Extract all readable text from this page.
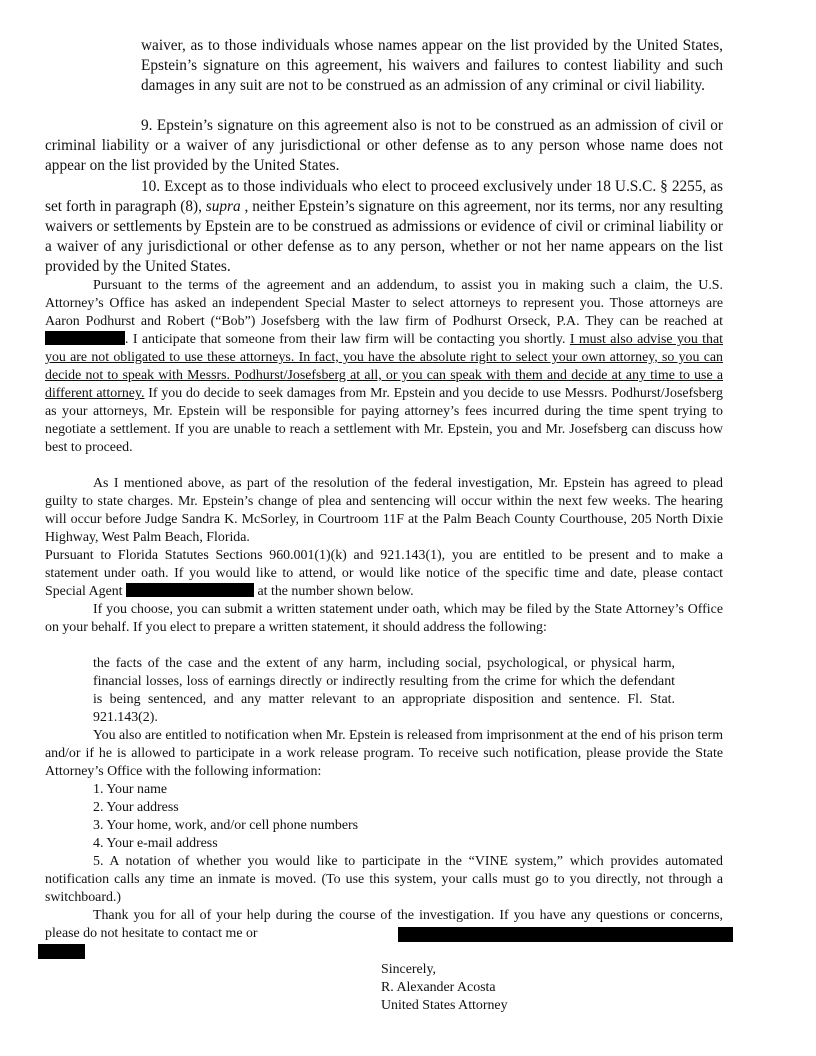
waiver, as to those individuals whose names appear on the list provided by the United States, Epstein’s signature on this agreement, his waivers and failures to contest liability and such damages in any suit are not to be construed as an admission of any criminal or civil liability.

9. Epstein’s signature on this agreement also is not to be construed as an admission of civil or criminal liability or a waiver of any jurisdictional or other defense as to any person whose name does not appear on the list provided by the United States.

10. Except as to those individuals who elect to proceed exclusively under 18 U.S.C. § 2255, as set forth in paragraph (8), supra , neither Epstein’s signature on this agreement, nor its terms, nor any resulting waivers or settlements by Epstein are to be construed as admissions or evidence of civil or criminal liability or a waiver of any jurisdictional or other defense as to any person, whether or not her name appears on the list provided by the United States.

Pursuant to the terms of the agreement and an addendum, to assist you in making such a claim, the U.S. Attorney’s Office has asked an independent Special Master to select attorneys to represent you. Those attorneys are Aaron Podhurst and Robert (“Bob”) Josefsberg with the law firm of Podhurst Orseck, P.A. They can be reached at . I anticipate that someone from their law firm will be contacting you shortly. I must also advise you that you are not obligated to use these attorneys. In fact, you have the absolute right to select your own attorney, so you can decide not to speak with Messrs. Podhurst/Josefsberg at all, or you can speak with them and decide at any time to use a different attorney. If you do decide to seek damages from Mr. Epstein and you decide to use Messrs. Podhurst/Josefsberg as your attorneys, Mr. Epstein will be responsible for paying attorney’s fees incurred during the time spent trying to negotiate a settlement. If you are unable to reach a settlement with Mr. Epstein, you and Mr. Josefsberg can discuss how best to proceed.

As I mentioned above, as part of the resolution of the federal investigation, Mr. Epstein has agreed to plead guilty to state charges. Mr. Epstein’s change of plea and sentencing will occur within the next few weeks. The hearing will occur before Judge Sandra K. McSorley, in Courtroom 11F at the Palm Beach County Courthouse, 205 North Dixie Highway, West Palm Beach, Florida.

Pursuant to Florida Statutes Sections 960.001(1)(k) and 921.143(1), you are entitled to be present and to make a statement under oath. If you would like to attend, or would like notice of the specific time and date, please contact Special Agent	at the number shown below.

If you choose, you can submit a written statement under oath, which may be filed by the State Attorney’s Office on your behalf. If you elect to prepare a written statement, it should address the following:

the facts of the case and the extent of any harm, including social, psychological, or physical harm, financial losses, loss of earnings directly or indirectly resulting from the crime for which the defendant is being sentenced, and any matter relevant to an appropriate disposition and sentence. Fl. Stat. 921.143(2).

You also are entitled to notification when Mr. Epstein is released from imprisonment at the end of his prison term and/or if he is allowed to participate in a work release program. To receive such notification, please provide the State Attorney’s Office with the following information:

1. Your name
2. Your address
3. Your home, work, and/or cell phone numbers
4. Your e-mail address

5. A notation of whether you would like to participate in the “VINE system,” which provides automated notification calls any time an inmate is moved. (To use this system, your calls must go to you directly, not through a switchboard.)

Thank you for all of your help during the course of the investigation. If you have any questions or concerns, please do not hesitate to contact me or

Sincerely,
R. Alexander Acosta
United States Attorney
